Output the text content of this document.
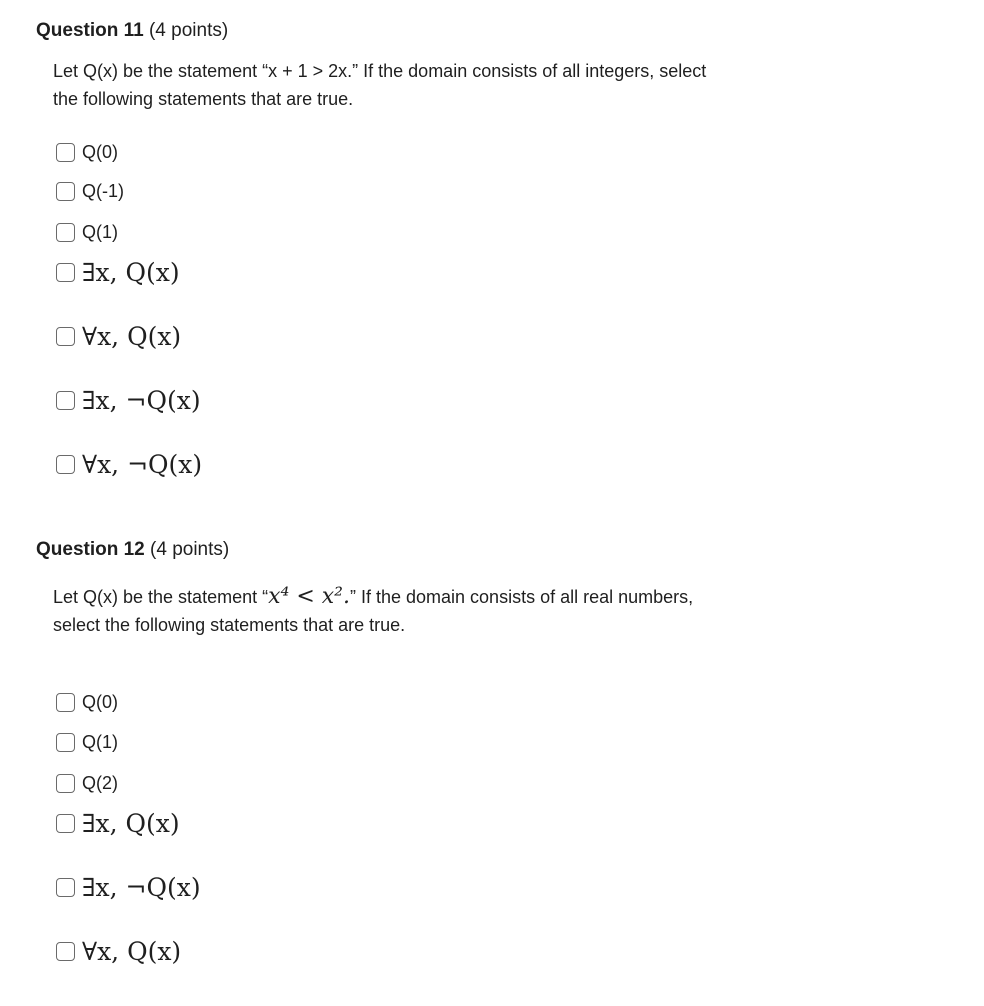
Question 11 (4 points)
Let Q(x) be the statement “x + 1 > 2x.” If the domain consists of all integers, select
the following statements that are true.
Q(0)
Q(-1)
Q(1)
∃x, Q(x)
∀x, Q(x)
∃x, ¬Q(x)
∀x, ¬Q(x)
Question 12 (4 points)
Let Q(x) be the statement “x⁴ < x².” If the domain consists of all real numbers,
select the following statements that are true.
Q(0)
Q(1)
Q(2)
∃x, Q(x)
∃x, ¬Q(x)
∀x, Q(x)
